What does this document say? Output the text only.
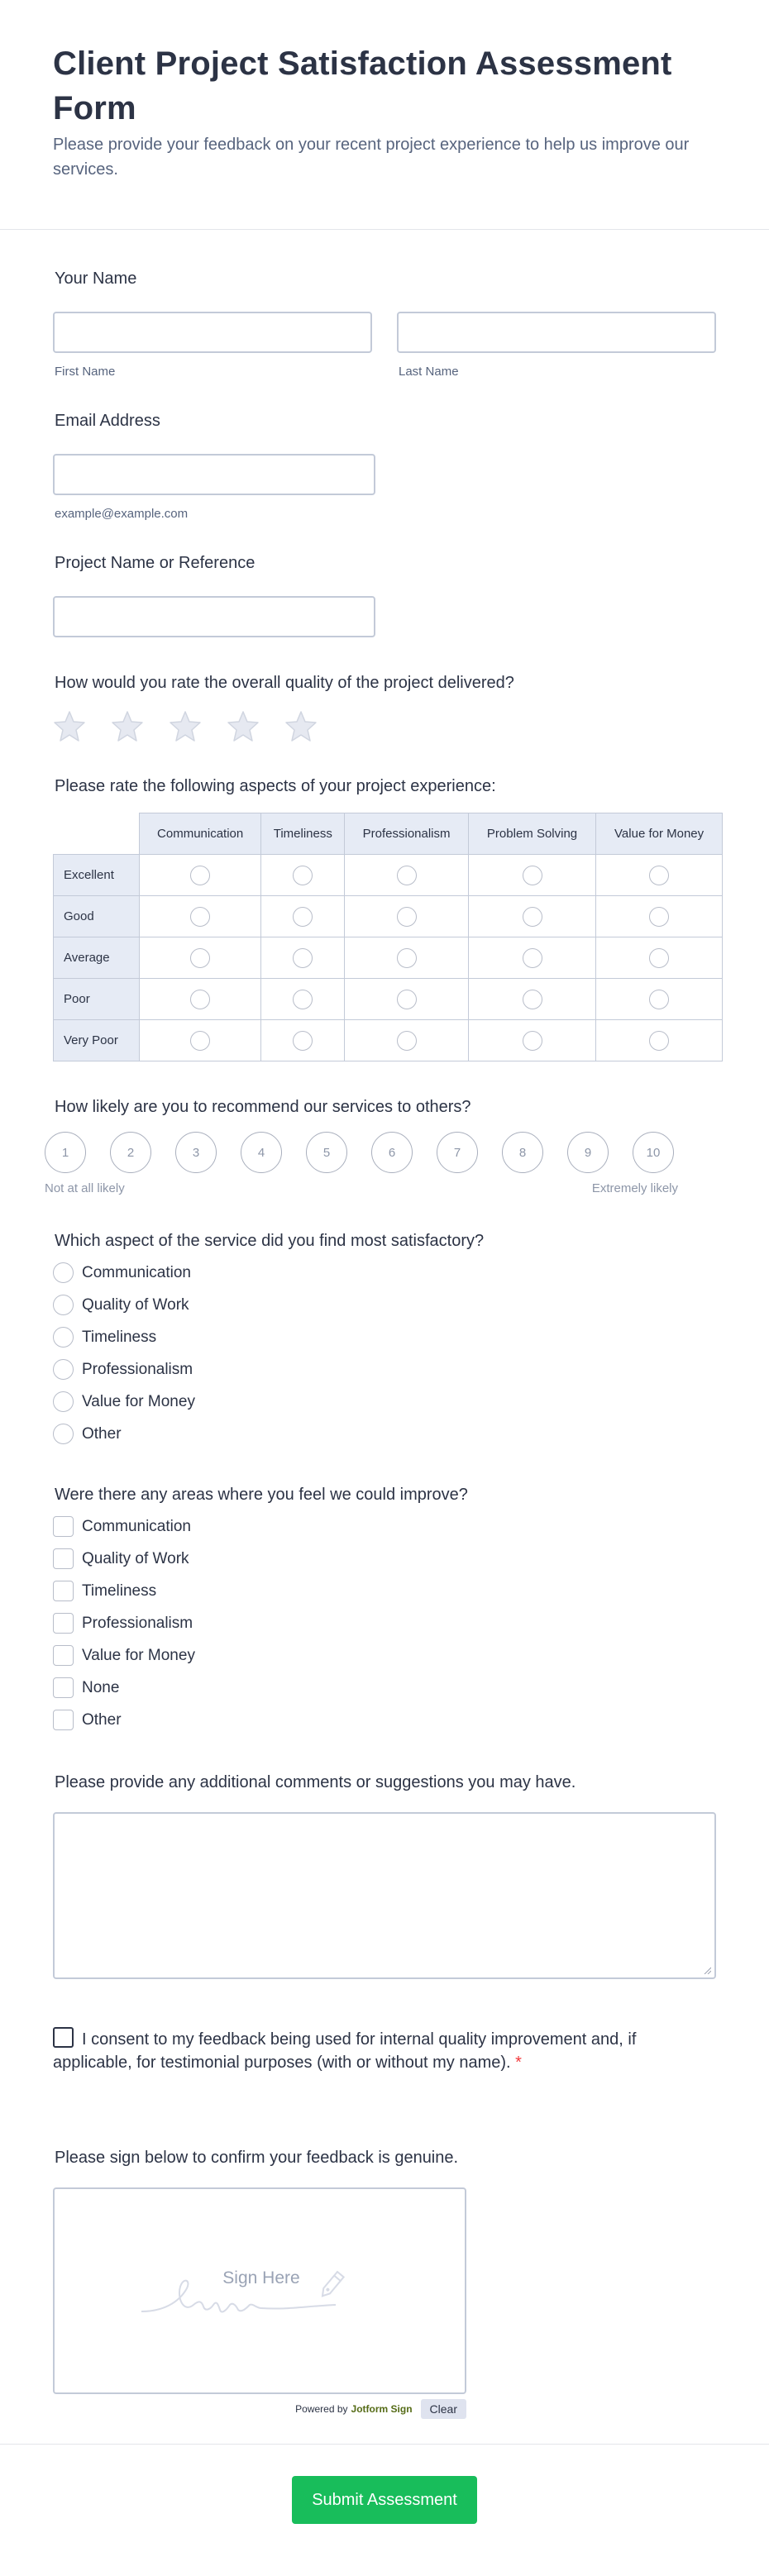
Client Project Satisfaction Assessment Form

Please provide your feedback on your recent project experience to help us improve our services.

Your Name
First Name	Last Name
Email Address
example@example.com
Project Name or Reference
How would you rate the overall quality of the project delivered?
Please rate the following aspects of your project experience:
	Communication	Timeliness	Professionalism	Problem Solving	Value for Money
Excellent					
Good					
Average					
Poor					
Very Poor					
How likely are you to recommend our services to others?
1	2	3	4	5	6	7	8	9	10
Not at all likely	Extremely likely
Which aspect of the service did you find most satisfactory?
Communication
Quality of Work
Timeliness
Professionalism
Value for Money
Other
Were there any areas where you feel we could improve?
Communication
Quality of Work
Timeliness
Professionalism
Value for Money
None
Other
Please provide any additional comments or suggestions you may have.
I consent to my feedback being used for internal quality improvement and, if applicable, for testimonial purposes (with or without my name). *
Please sign below to confirm your feedback is genuine.
Sign Here
Powered by Jotform Sign	Clear
Submit Assessment
